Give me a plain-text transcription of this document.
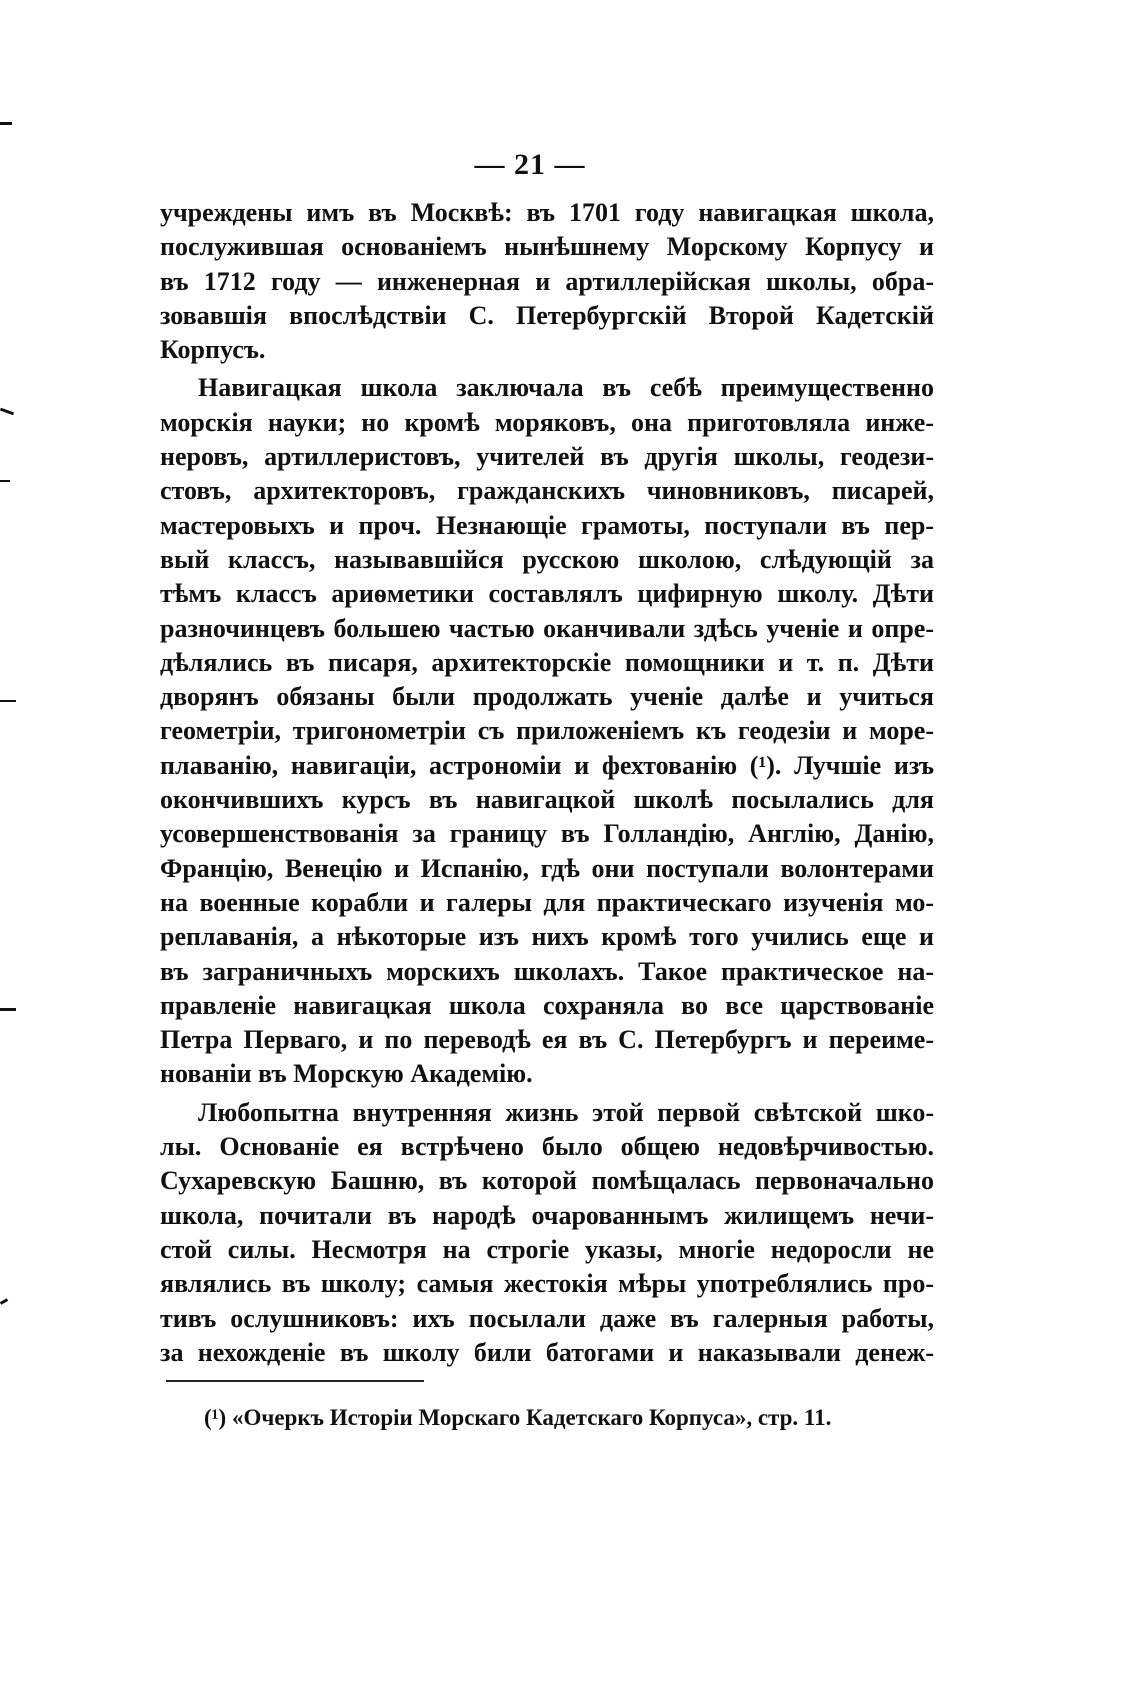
— 21 —
учреждены имъ въ Москвѣ: въ 1701 году навигацкая школа,
послужившая основаніемъ нынѣшнему Морскому Корпусу и
въ 1712 году — инженерная и артиллерійская школы, обра-
зовавшія впослѣдствіи С. Петербургскій Второй Кадетскій
Корпусъ.
Навигацкая школа заключала въ себѣ преимущественно
морскія науки; но кромѣ моряковъ, она приготовляла инже-
неровъ, артиллеристовъ, учителей въ другія школы, геодези-
стовъ, архитекторовъ, гражданскихъ чиновниковъ, писарей,
мастеровыхъ и проч. Незнающіе грамоты, поступали въ пер-
вый классъ, называвшійся русскою школою, слѣдующій за
тѣмъ классъ ариѳметики составлялъ цифирную школу. Дѣти
разночинцевъ большею частью оканчивали здѣсь ученіе и опре-
дѣлялись въ писаря, архитекторскіе помощники и т. п. Дѣти
дворянъ обязаны были продолжать ученіе далѣе и учиться
геометріи, тригонометріи съ приложеніемъ къ геодезіи и море-
плаванію, навигаціи, астрономіи и фехтованію (¹). Лучшіе изъ
окончившихъ курсъ въ навигацкой школѣ посылались для
усовершенствованія за границу въ Голландію, Англію, Данію,
Францію, Венецію и Испанію, гдѣ они поступали волонтерами
на военные корабли и галеры для практическаго изученія мо-
реплаванія, а нѣкоторые изъ нихъ кромѣ того учились еще и
въ заграничныхъ морскихъ школахъ. Такое практическое на-
правленіе навигацкая школа сохраняла во все царствованіе
Петра Перваго, и по переводѣ ея въ С. Петербургъ и переиме-
нованіи въ Морскую Академію.
Любопытна внутренняя жизнь этой первой свѣтской шко-
лы. Основаніе ея встрѣчено было общею недовѣрчивостью.
Сухаревскую Башню, въ которой помѣщалась первоначально
школа, почитали въ народѣ очарованнымъ жилищемъ нечи-
стой силы. Несмотря на строгіе указы, многіе недоросли не
являлись въ школу; самыя жестокія мѣры употреблялись про-
тивъ ослушниковъ: ихъ посылали даже въ галерныя работы,
за нехожденіе въ школу били батогами и наказывали денеж-
(¹) «Очеркъ Исторіи Морскаго Кадетскаго Корпуса», стр. 11.
